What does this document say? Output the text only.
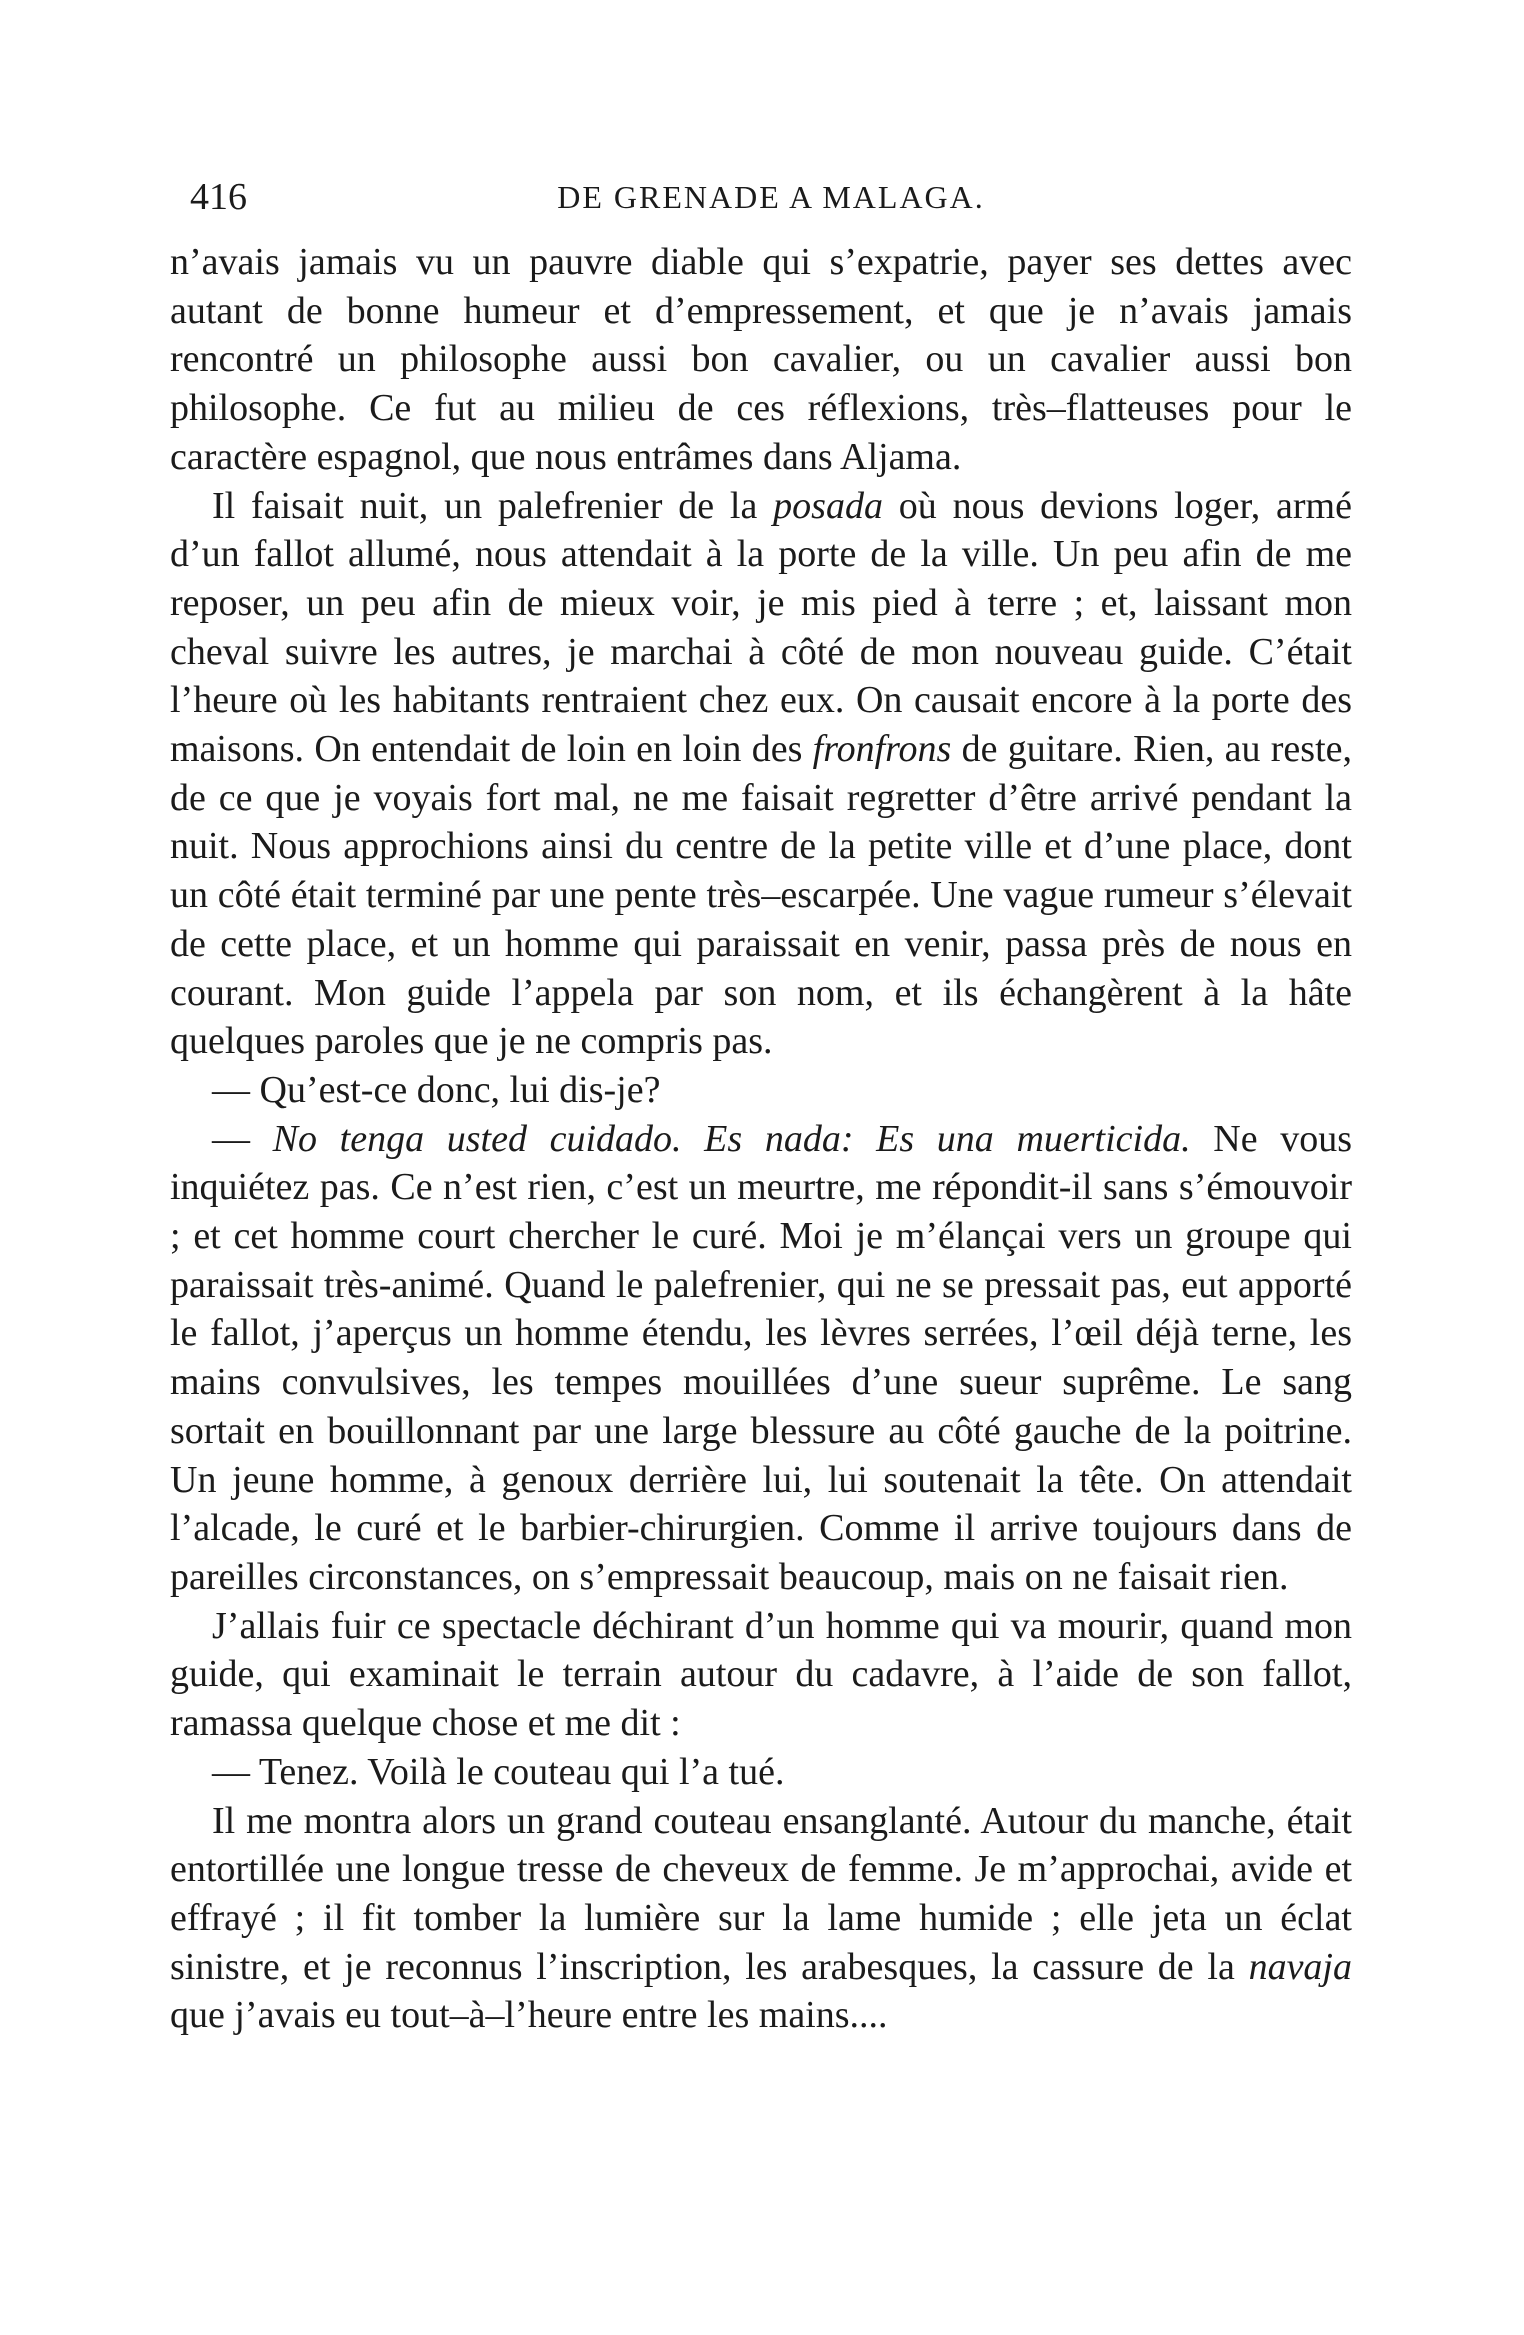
416	DE GRENADE A MALAGA.

n’avais jamais vu un pauvre diable qui s’expatrie, payer ses dettes avec autant de bonne humeur et d’empressement, et que je n’avais jamais rencontré un philosophe aussi bon cavalier, ou un cavalier aussi bon philosophe. Ce fut au milieu de ces réflexions, très–flatteuses pour le caractère espagnol, que nous entrâmes dans Aljama.

Il faisait nuit, un palefrenier de la posada où nous devions loger, armé d’un fallot allumé, nous attendait à la porte de la ville. Un peu afin de me reposer, un peu afin de mieux voir, je mis pied à terre ; et, laissant mon cheval suivre les autres, je marchai à côté de mon nouveau guide. C’était l’heure où les habitants rentraient chez eux. On causait encore à la porte des maisons. On entendait de loin en loin des fronfrons de guitare. Rien, au reste, de ce que je voyais fort mal, ne me faisait regretter d’être arrivé pendant la nuit. Nous approchions ainsi du centre de la petite ville et d’une place, dont un côté était terminé par une pente très–escarpée. Une vague rumeur s’élevait de cette place, et un homme qui paraissait en venir, passa près de nous en courant. Mon guide l’appela par son nom, et ils échangèrent à la hâte quelques paroles que je ne compris pas.

— Qu’est-ce donc, lui dis-je?

— No tenga usted cuidado. Es nada: Es una muerticida. Ne vous inquiétez pas. Ce n’est rien, c’est un meurtre, me répondit-il sans s’émouvoir ; et cet homme court chercher le curé. Moi je m’élançai vers un groupe qui paraissait très-animé. Quand le palefrenier, qui ne se pressait pas, eut apporté le fallot, j’aperçus un homme étendu, les lèvres serrées, l’œil déjà terne, les mains convulsives, les tempes mouillées d’une sueur suprême. Le sang sortait en bouillonnant par une large blessure au côté gauche de la poitrine. Un jeune homme, à genoux derrière lui, lui soutenait la tête. On attendait l’alcade, le curé et le barbier-chirurgien. Comme il arrive toujours dans de pareilles circonstances, on s’empressait beaucoup, mais on ne faisait rien.

J’allais fuir ce spectacle déchirant d’un homme qui va mourir, quand mon guide, qui examinait le terrain autour du cadavre, à l’aide de son fallot, ramassa quelque chose et me dit :

— Tenez. Voilà le couteau qui l’a tué.

Il me montra alors un grand couteau ensanglanté. Autour du manche, était entortillée une longue tresse de cheveux de femme. Je m’approchai, avide et effrayé ; il fit tomber la lumière sur la lame humide ; elle jeta un éclat sinistre, et je reconnus l’inscription, les arabesques, la cassure de la navaja que j’avais eu tout–à–l’heure entre les mains....
